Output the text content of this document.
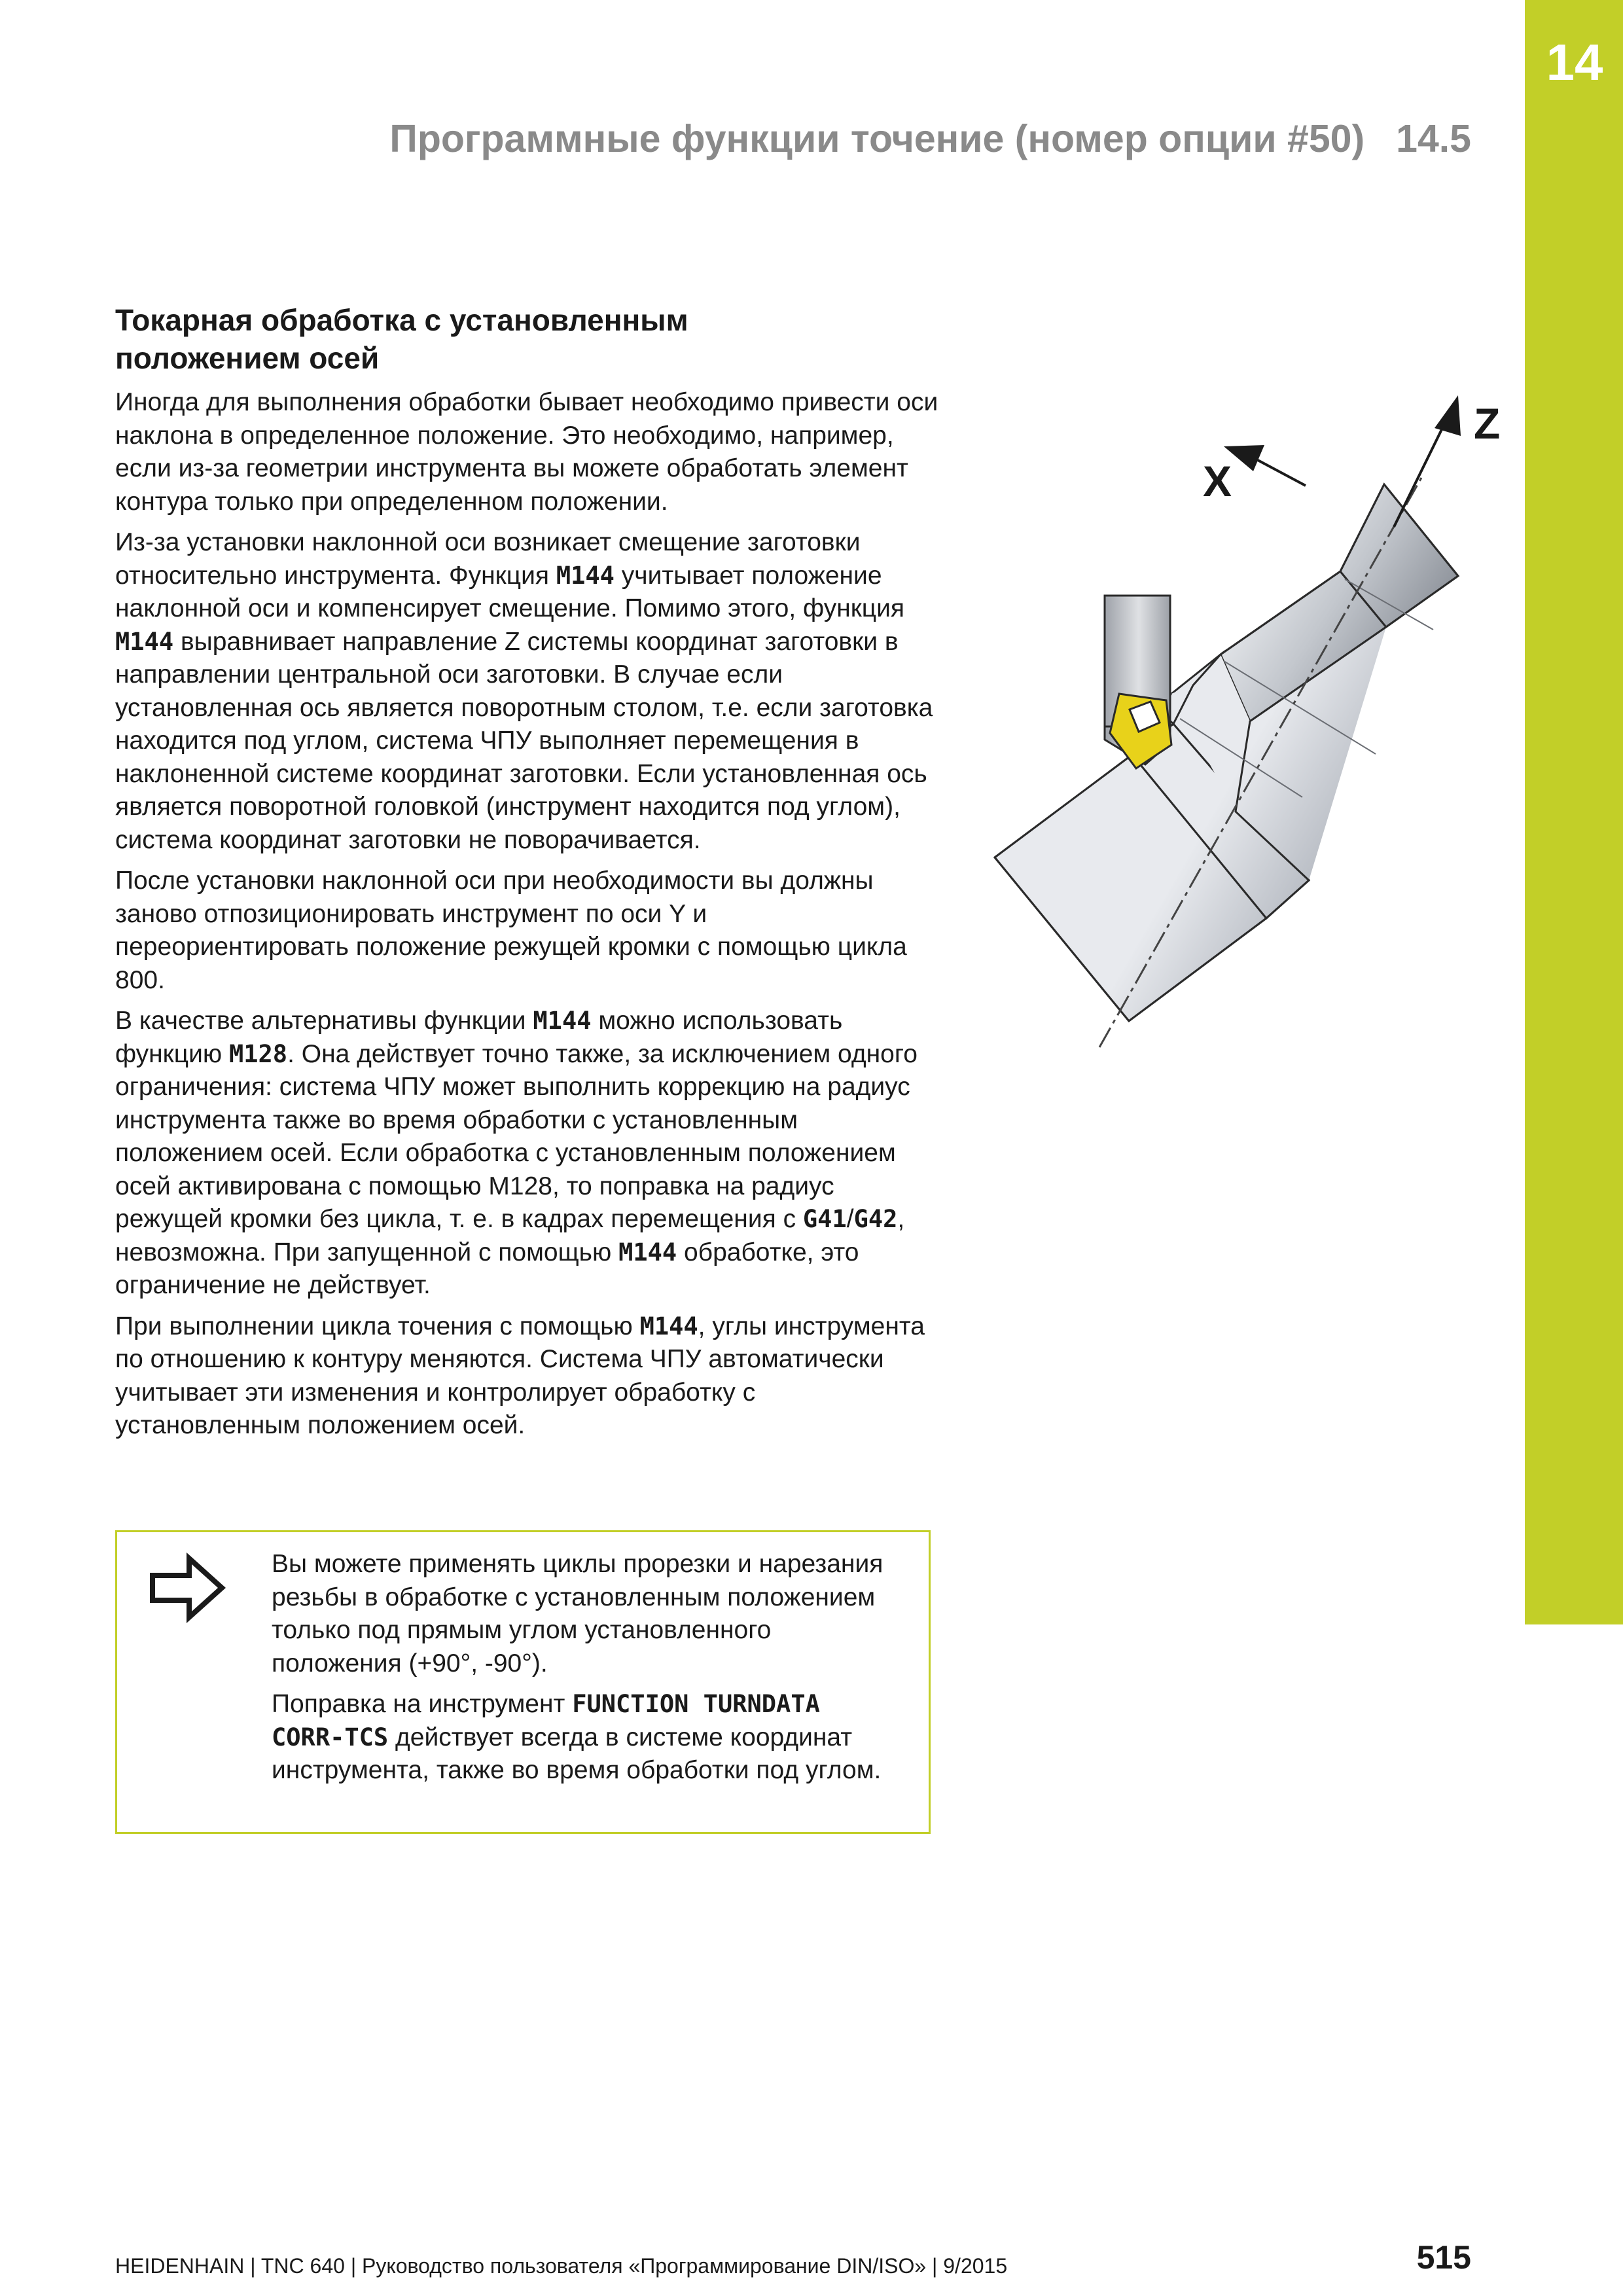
14
Программные функции точение (номер опции #50) 14.5
Токарная обработка с установленным
положением осей

Иногда для выполнения обработки бывает необходимо привести оси наклона в определенное положение. Это необходимо, например, если из-за геометрии инструмента вы можете обработать элемент контура только при определенном положении.

Из-за установки наклонной оси возникает смещение заготовки относительно инструмента. Функция M144 учитывает положение наклонной оси и компенсирует смещение. Помимо этого, функция M144 выравнивает направление Z системы координат заготовки в направлении центральной оси заготовки. В случае если установленная ось является поворотным столом, т.е. если заготовка находится под углом, система ЧПУ выполняет перемещения в наклоненной системе координат заготовки. Если установленная ось является поворотной головкой (инструмент находится под углом), система координат заготовки не поворачивается.

После установки наклонной оси при необходимости вы должны заново отпозиционировать инструмент по оси Y и переориентировать положение режущей кромки с помощью цикла 800.

В качестве альтернативы функции M144 можно использовать функцию M128. Она действует точно также, за исключением одного ограничения: система ЧПУ может выполнить коррекцию на радиус инструмента также во время обработки с установленным положением осей. Если обработка с установленным положением осей активирована с помощью M128, то поправка на радиус режущей кромки без цикла, т. е. в кадрах перемещения с G41/G42, невозможна. При запущенной с помощью M144 обработке, это ограничение не действует.

При выполнении цикла точения с помощью M144, углы инструмента по отношению к контуру меняются. Система ЧПУ автоматически учитывает эти изменения и контролирует обработку с установленным положением осей.

Вы можете применять циклы прорезки и нарезания резьбы в обработке с установленным положением только под прямым углом установленного положения (+90°, -90°).

Поправка на инструмент FUNCTION TURNDATA CORR-TCS действует всегда в системе координат инструмента, также во время обработки под углом.

X
Z
HEIDENHAIN | TNC 640 | Руководство пользователя «Программирование DIN/ISO» | 9/2015	515
